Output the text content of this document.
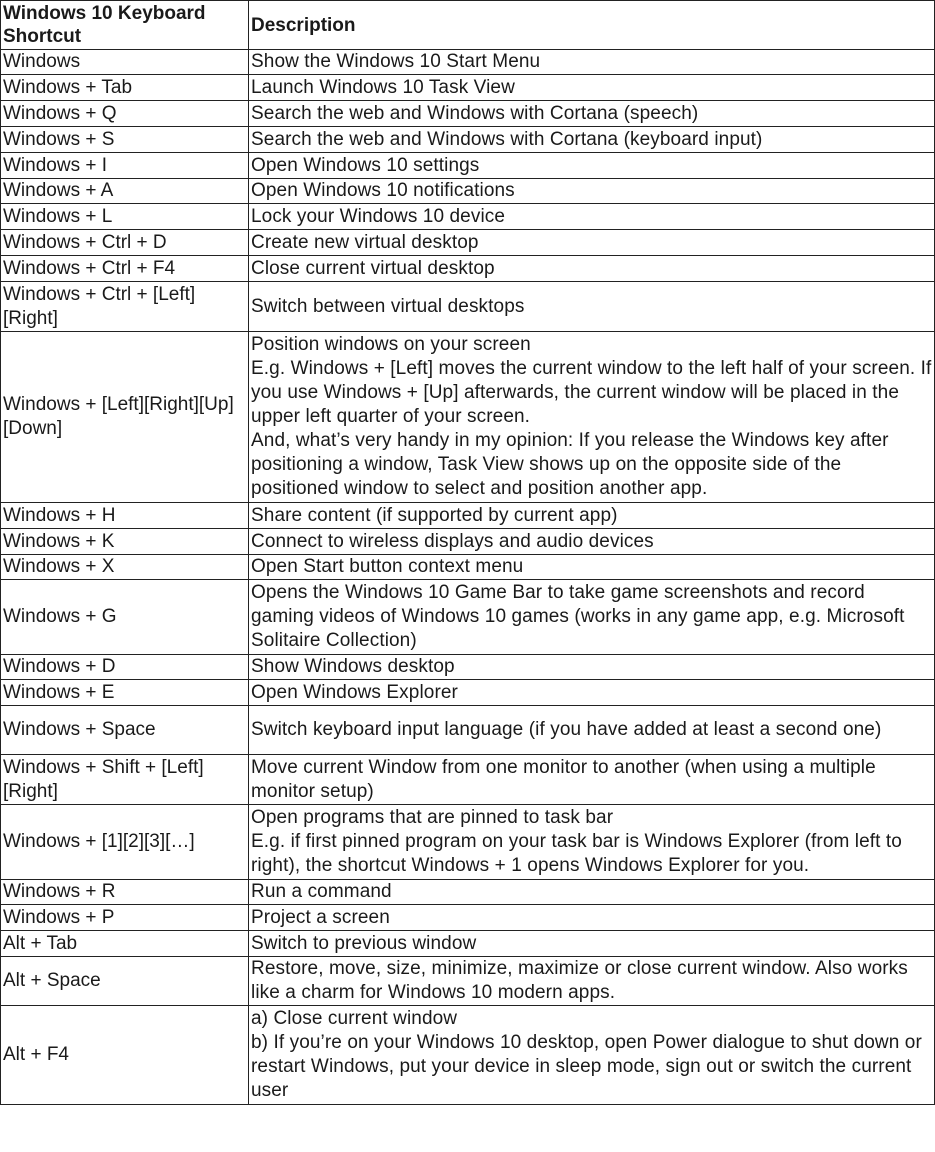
Windows 10 Keyboard Shortcut	Description
Windows	Show the Windows 10 Start Menu
Windows + Tab	Launch Windows 10 Task View
Windows + Q	Search the web and Windows with Cortana (speech)
Windows + S	Search the web and Windows with Cortana (keyboard input)
Windows + I	Open Windows 10 settings
Windows + A	Open Windows 10 notifications
Windows + L	Lock your Windows 10 device
Windows + Ctrl + D	Create new virtual desktop
Windows + Ctrl + F4	Close current virtual desktop
Windows + Ctrl + [Left][Right]	Switch between virtual desktops
Windows + [Left][Right][Up][Down]	Position windows on your screen
E.g. Windows + [Left] moves the current window to the left half of your screen. If you use Windows + [Up] afterwards, the current window will be placed in the upper left quarter of your screen.
And, what’s very handy in my opinion: If you release the Windows key after positioning a window, Task View shows up on the opposite side of the positioned window to select and position another app.
Windows + H	Share content (if supported by current app)
Windows + K	Connect to wireless displays and audio devices
Windows + X	Open Start button context menu
Windows + G	Opens the Windows 10 Game Bar to take game screenshots and record gaming videos of Windows 10 games (works in any game app, e.g. Microsoft Solitaire Collection)
Windows + D	Show Windows desktop
Windows + E	Open Windows Explorer
Windows + Space	Switch keyboard input language (if you have added at least a second one)
Windows + Shift + [Left][Right]	Move current Window from one monitor to another (when using a multiple monitor setup)
Windows + [1][2][3][…]	Open programs that are pinned to task bar
E.g. if first pinned program on your task bar is Windows Explorer (from left to right), the shortcut Windows + 1 opens Windows Explorer for you.
Windows + R	Run a command
Windows + P	Project a screen
Alt + Tab	Switch to previous window
Alt + Space	Restore, move, size, minimize, maximize or close current window. Also works like a charm for Windows 10 modern apps.
Alt + F4	a) Close current window
b) If you’re on your Windows 10 desktop, open Power dialogue to shut down or restart Windows, put your device in sleep mode, sign out or switch the current user
